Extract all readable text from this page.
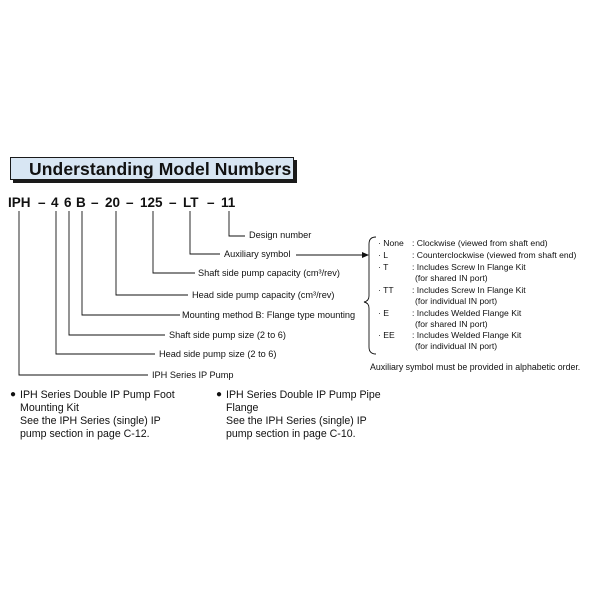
Understanding Model Numbers
IPH – 4 6 B – 20 – 125 – LT – 11
Design number
Auxiliary symbol
Shaft side pump capacity (cm³/rev)
Head side pump capacity (cm³/rev)
Mounting method B: Flange type mounting
Shaft side pump size (2 to 6)
Head side pump size (2 to 6)
IPH Series IP Pump
· None : Clockwise (viewed from shaft end)
· L	: Counterclockwise (viewed from shaft end)
· T	: Includes Screw In Flange Kit
(for shared IN port)
· TT : Includes Screw In Flange Kit
(for individual IN port)
· E	: Includes Welded Flange Kit
(for shared IN port)
· EE : Includes Welded Flange Kit
(for individual IN port)
Auxiliary symbol must be provided in alphabetic order.
● IPH Series Double IP Pump Foot
Mounting Kit
See the IPH Series (single) IP
pump section in page C-12.
● IPH Series Double IP Pump Pipe
Flange
See the IPH Series (single) IP
pump section in page C-10.
